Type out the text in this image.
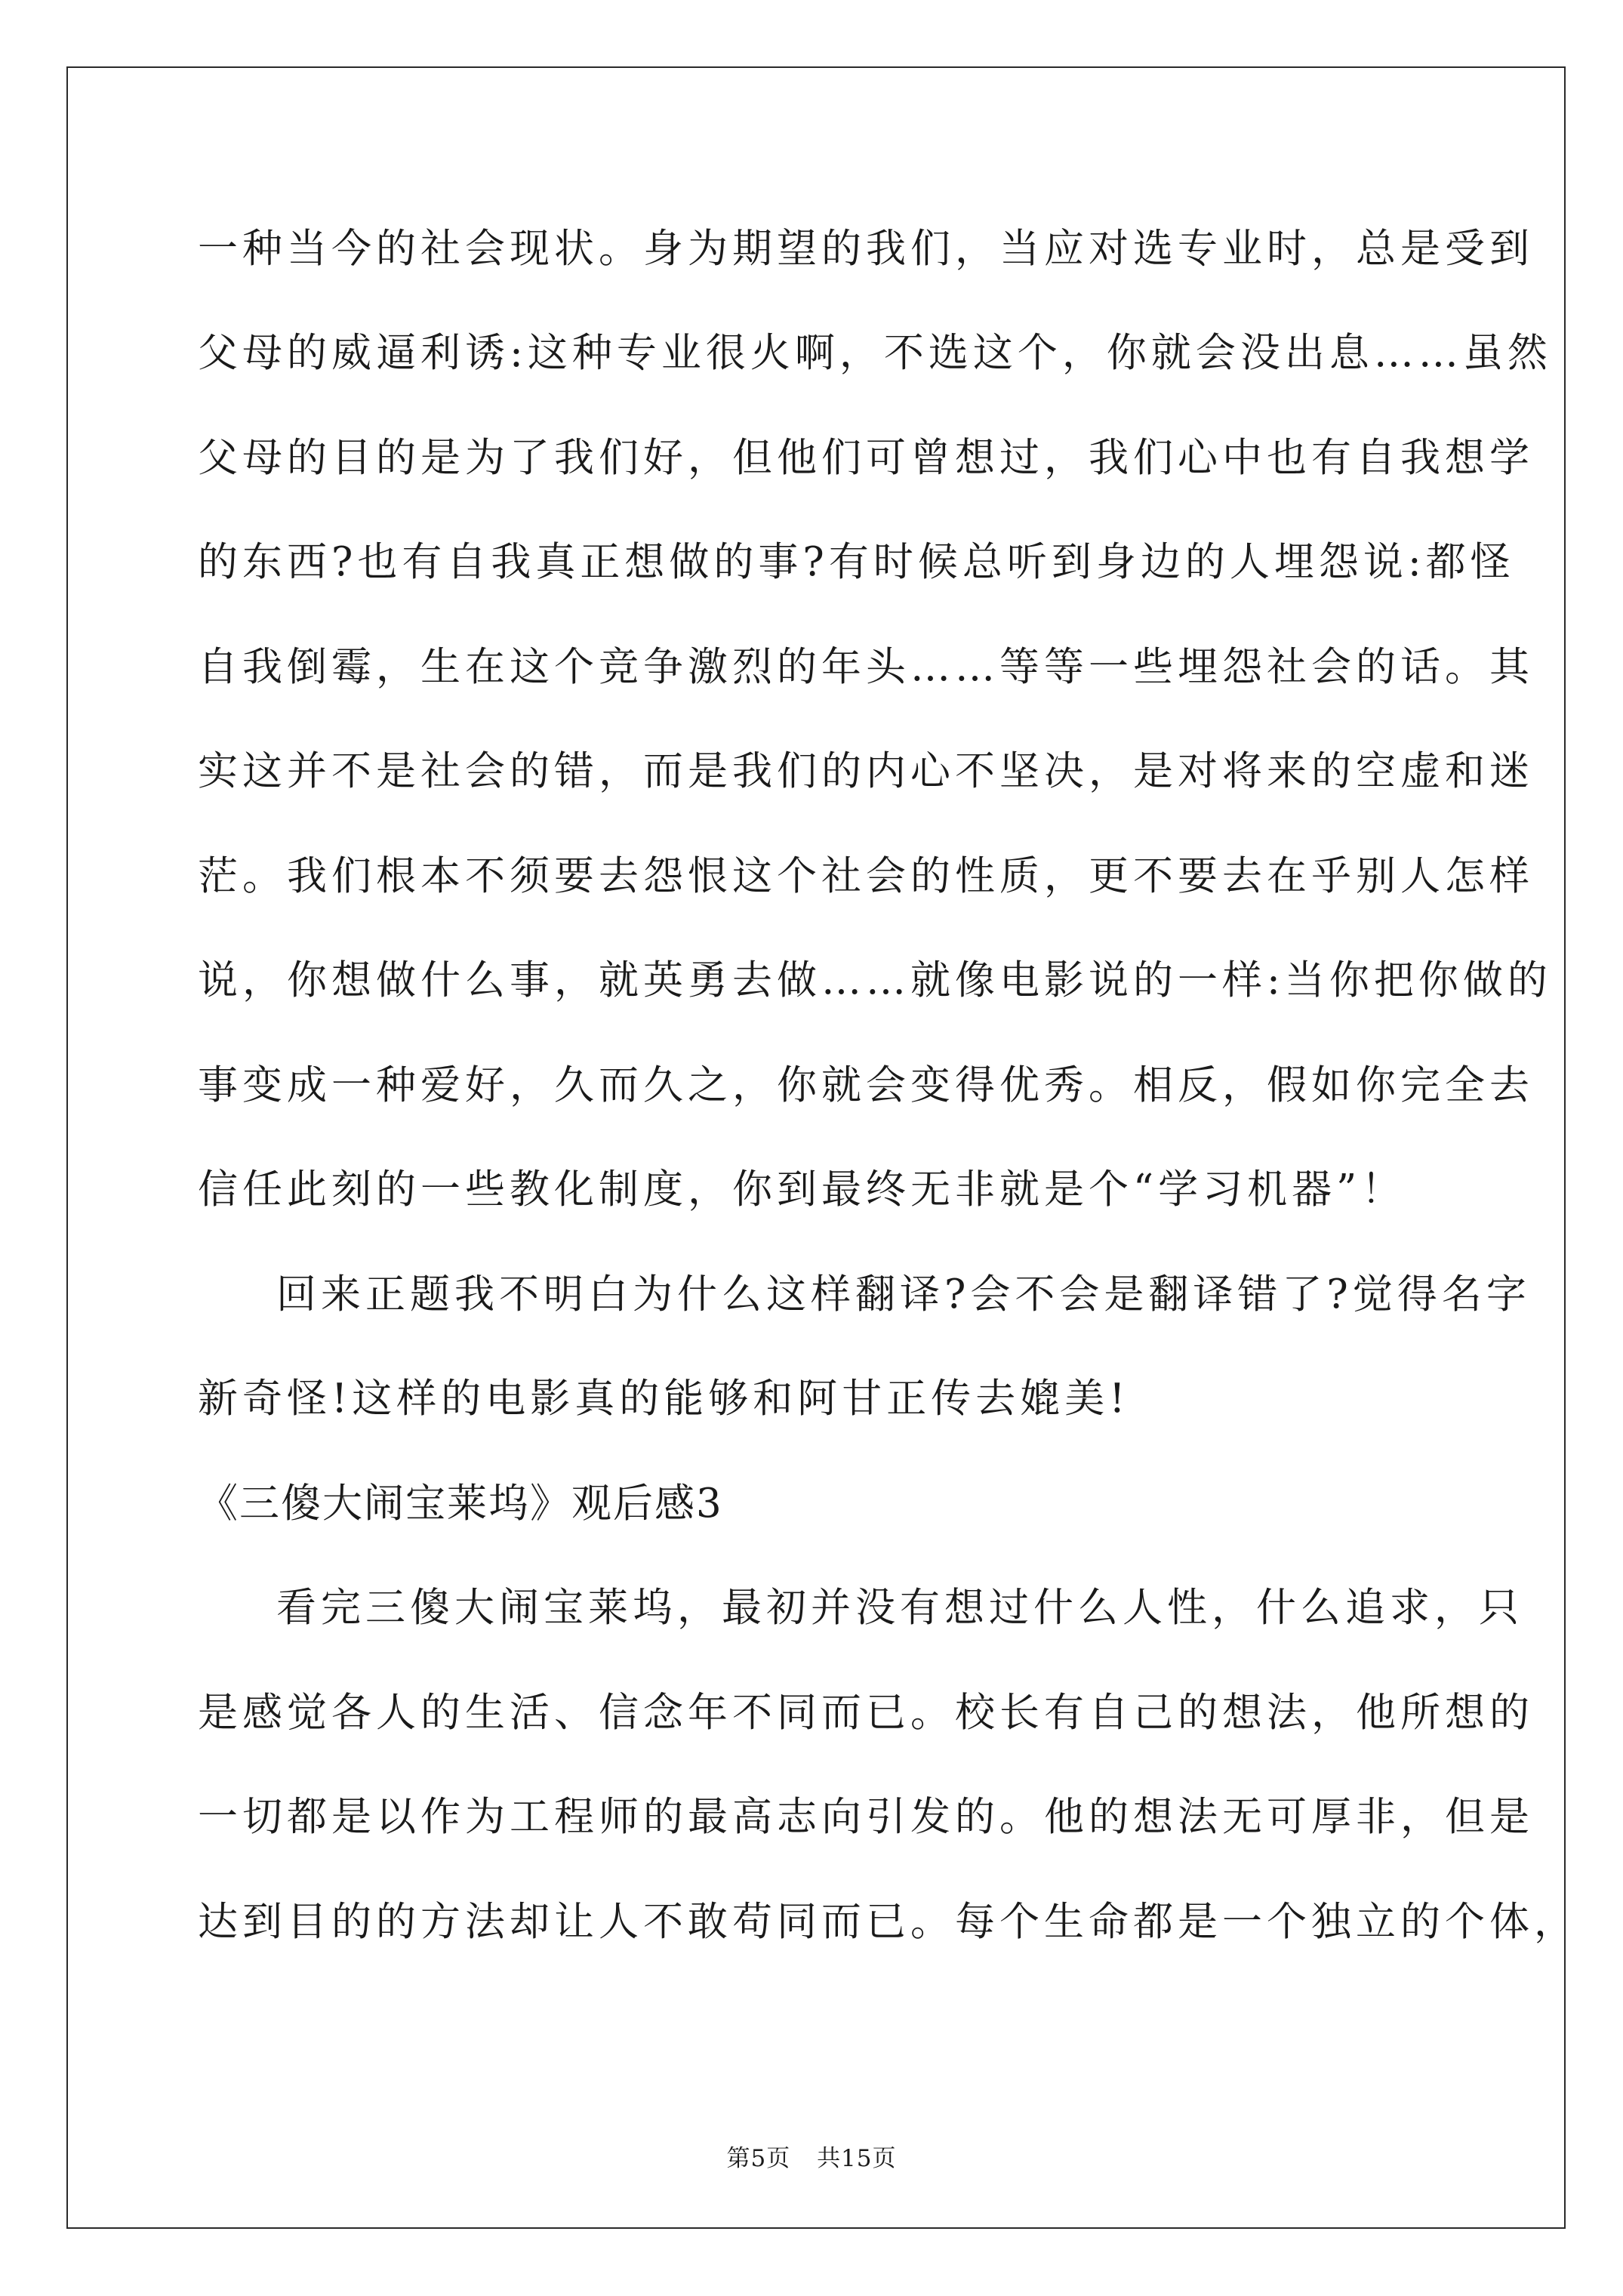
一种当今的社会现状。身为期望的我们，当应对选专业时，总是受到
父母的威逼利诱:这种专业很火啊，不选这个，你就会没出息……虽然
父母的目的是为了我们好，但他们可曾想过，我们心中也有自我想学
的东西?也有自我真正想做的事?有时候总听到身边的人埋怨说:都怪
自我倒霉，生在这个竞争激烈的年头……等等一些埋怨社会的话。其
实这并不是社会的错，而是我们的内心不坚决，是对将来的空虚和迷
茫。我们根本不须要去怨恨这个社会的性质，更不要去在乎别人怎样
说，你想做什么事，就英勇去做……就像电影说的一样:当你把你做的
事变成一种爱好，久而久之，你就会变得优秀。相反，假如你完全去
信任此刻的一些教化制度，你到最终无非就是个“学习机器”！
回来正题我不明白为什么这样翻译?会不会是翻译错了?觉得名字
新奇怪!这样的电影真的能够和阿甘正传去媲美!
《三傻大闹宝莱坞》观后感3
看完三傻大闹宝莱坞，最初并没有想过什么人性，什么追求，只
是感觉各人的生活、信念年不同而已。校长有自己的想法，他所想的
一切都是以作为工程师的最高志向引发的。他的想法无可厚非，但是
达到目的的方法却让人不敢苟同而已。每个生命都是一个独立的个体，
第5页 共15页
